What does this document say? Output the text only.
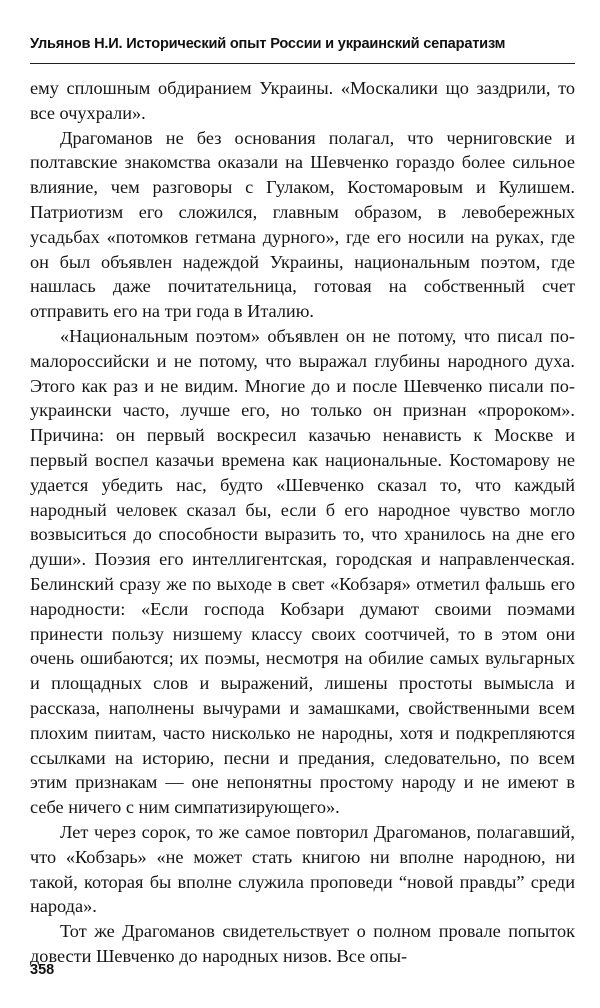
Ульянов Н.И. Исторический опыт России и украинский сепаратизм

ему сплошным обдиранием Украины. «Москалики що заздрили, то все очухрали».

Драгоманов не без основания полагал, что черниговские и полтавские знакомства оказали на Шевченко гораздо более сильное влияние, чем разговоры с Гулаком, Костомаровым и Кулишем. Патриотизм его сложился, главным образом, в левобережных усадьбах «потомков гетмана дурного», где его носили на руках, где он был объявлен надеждой Украины, национальным поэтом, где нашлась даже почитательница, готовая на собственный счет отправить его на три года в Италию.

«Национальным поэтом» объявлен он не потому, что писал по-малороссийски и не потому, что выражал глубины народного духа. Этого как раз и не видим. Многие до и после Шевченко писали по-украински часто, лучше его, но только он признан «пророком». Причина: он первый воскресил казачью ненависть к Москве и первый воспел казачьи времена как национальные. Костомарову не удается убедить нас, будто «Шевченко сказал то, что каждый народный человек сказал бы, если б его народное чувство могло возвыситься до способности выразить то, что хранилось на дне его души». Поэзия его интеллигентская, городская и направленческая. Белинский сразу же по выходе в свет «Кобзаря» отметил фальшь его народности: «Если господа Кобзари думают своими поэмами принести пользу низшему классу своих соотчичей, то в этом они очень ошибаются; их поэмы, несмотря на обилие самых вульгарных и площадных слов и выражений, лишены простоты вымысла и рассказа, наполнены вычурами и замашками, свойственными всем плохим пиитам, часто нисколько не народны, хотя и подкрепляются ссылками на историю, песни и предания, следовательно, по всем этим признакам — оне непонятны простому народу и не имеют в себе ничего с ним симпатизирующего».

Лет через сорок, то же самое повторил Драгоманов, полагавший, что «Кобзарь» «не может стать книгою ни вполне народною, ни такой, которая бы вполне служила проповеди “новой правды” среди народа».

Тот же Драгоманов свидетельствует о полном провале попыток довести Шевченко до народных низов. Все опы-

358
